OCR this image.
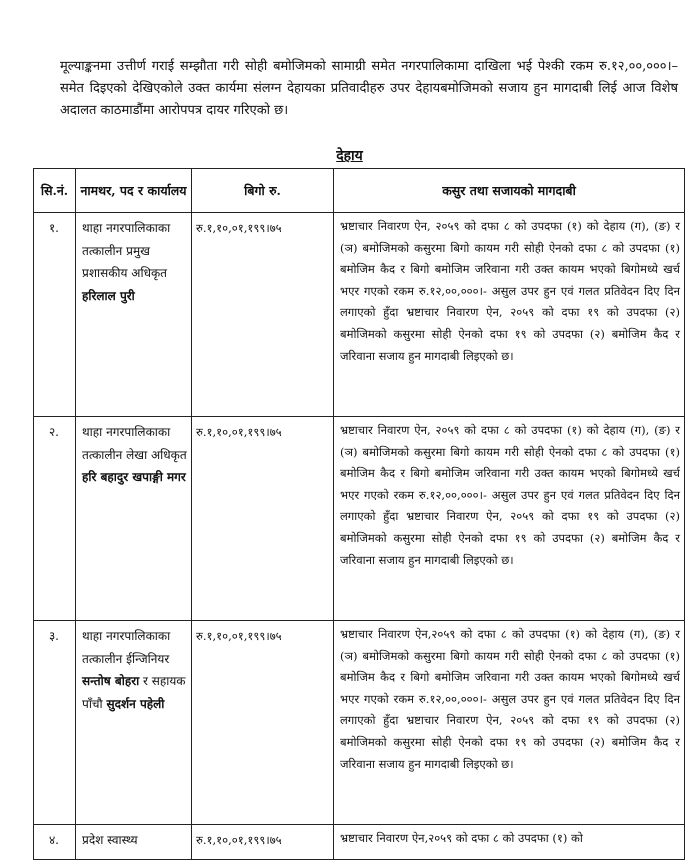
मूल्याङ्कनमा उत्तीर्ण गराई सम्झौता गरी सोही बमोजिमको सामाग्री समेत नगरपालिकामा दाखिला भई पेश्की रकम रु.१२,००,०००।–समेत दिइएको देखिएकोले उक्त कार्यमा संलग्न देहायका प्रतिवादीहरु उपर देहायबमोजिमको सजाय हुन मागदाबी लिई आज विशेष अदालत काठमाडौंमा आरोपपत्र दायर गरिएको छ।

देहाय

सि.नं.	नामथर, पद र कार्यालय	बिगो रु.	कसुर तथा सजायको मागदाबी
१.	थाहा नगरपालिकाका तत्कालीन प्रमुख प्रशासकीय अधिकृत हरिलाल पुरी	रु.१,१०,०१,१९९।७५	भ्रष्टाचार निवारण ऐन, २०५९ को दफा ८ को उपदफा (१) को देहाय (ग), (ङ) र (ञ) बमोजिमको कसुरमा बिगो कायम गरी सोही ऐनको दफा ८ को उपदफा (१) बमोजिम कैद र बिगो बमोजिम जरिवाना गरी उक्त कायम भएको बिगोमध्ये खर्च भएर गएको रकम रु.१२,००,०००।- असुल उपर हुन एवं गलत प्रतिवेदन दिए दिन लगाएको हुँदा भ्रष्टाचार निवारण ऐन, २०५९ को दफा १९ को उपदफा (२) बमोजिमको कसुरमा सोही ऐनको दफा १९ को उपदफा (२) बमोजिम कैद र जरिवाना सजाय हुन मागदाबी लिइएको छ।
२.	थाहा नगरपालिकाका तत्कालीन लेखा अधिकृत हरि बहादुर खपाङ्गी मगर	रु.१,१०,०१,१९९।७५	भ्रष्टाचार निवारण ऐन, २०५९ को दफा ८ को उपदफा (१) को देहाय (ग), (ङ) र (ञ) बमोजिमको कसुरमा बिगो कायम गरी सोही ऐनको दफा ८ को उपदफा (१) बमोजिम कैद र बिगो बमोजिम जरिवाना गरी उक्त कायम भएको बिगोमध्ये खर्च भएर गएको रकम रु.१२,००,०००।- असुल उपर हुन एवं गलत प्रतिवेदन दिए दिन लगाएको हुँदा भ्रष्टाचार निवारण ऐन, २०५९ को दफा १९ को उपदफा (२) बमोजिमको कसुरमा सोही ऐनको दफा १९ को उपदफा (२) बमोजिम कैद र जरिवाना सजाय हुन मागदाबी लिइएको छ।
३.	थाहा नगरपालिकाका तत्कालीन ईन्जिनियर सन्तोष बोहरा र सहायक पाँचौ सुदर्शन पहेली	रु.१,१०,०१,१९९।७५	भ्रष्टाचार निवारण ऐन,२०५९ को दफा ८ को उपदफा (१) को देहाय (ग), (ङ) र (ञ) बमोजिमको कसुरमा बिगो कायम गरी सोही ऐनको दफा ८ को उपदफा (१) बमोजिम कैद र बिगो बमोजिम जरिवाना गरी उक्त कायम भएको बिगोमध्ये खर्च भएर गएको रकम रु.१२,००,०००।- असुल उपर हुन एवं गलत प्रतिवेदन दिए दिन लगाएको हुँदा भ्रष्टाचार निवारण ऐन, २०५९ को दफा १९ को उपदफा (२) बमोजिमको कसुरमा सोही ऐनको दफा १९ को उपदफा (२) बमोजिम कैद र जरिवाना सजाय हुन मागदाबी लिइएको छ।
४.	प्रदेश स्वास्थ्य	रु.१,१०,०१,१९९।७५	भ्रष्टाचार निवारण ऐन,२०५९ को दफा ८ को उपदफा (१) को
